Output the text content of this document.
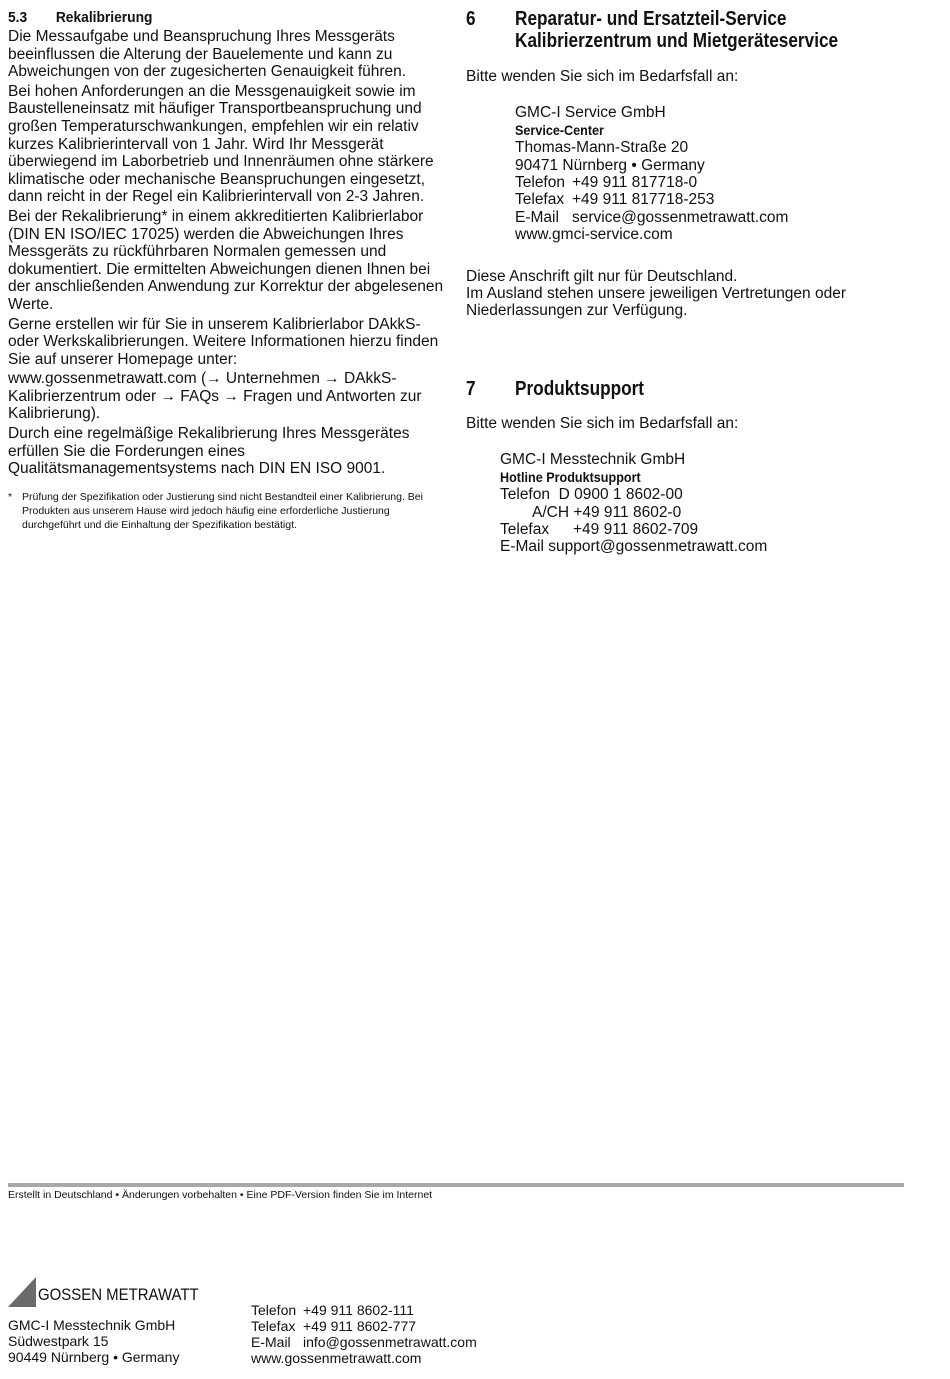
5.3	Rekalibrierung

Die Messaufgabe und Beanspruchung Ihres Messgeräts beeinflussen die Alterung der Bauelemente und kann zu Abweichungen von der zugesicherten Genauigkeit führen.

Bei hohen Anforderungen an die Messgenauigkeit sowie im Baustelleneinsatz mit häufiger Transportbeanspruchung und großen Temperaturschwankungen, empfehlen wir ein relativ kurzes Kalibrierintervall von 1 Jahr. Wird Ihr Messgerät überwiegend im Laborbetrieb und Innenräumen ohne stärkere klimatische oder mechanische Beanspruchungen eingesetzt, dann reicht in der Regel ein Kalibrierintervall von 2-3 Jahren.

Bei der Rekalibrierung* in einem akkreditierten Kalibrierlabor (DIN EN ISO/IEC 17025) werden die Abweichungen Ihres Messgeräts zu rückführbaren Normalen gemessen und dokumentiert. Die ermittelten Abweichungen dienen Ihnen bei der anschließenden Anwendung zur Korrektur der abgelesenen Werte.

Gerne erstellen wir für Sie in unserem Kalibrierlabor DAkkS- oder Werkskalibrierungen. Weitere Informationen hierzu finden Sie auf unserer Homepage unter:

www.gossenmetrawatt.com (→ Unternehmen → DAkkS-Kalibrierzentrum oder → FAQs → Fragen und Antworten zur Kalibrierung).

Durch eine regelmäßige Rekalibrierung Ihres Messgerätes erfüllen Sie die Forderungen eines Qualitätsmanagementsystems nach DIN EN ISO 9001.

* Prüfung der Spezifikation oder Justierung sind nicht Bestandteil einer Kalibrierung. Bei Produkten aus unserem Hause wird jedoch häufig eine erforderliche Justierung durchgeführt und die Einhaltung der Spezifikation bestätigt.
6	Reparatur- und Ersatzteil-Service
Kalibrierzentrum und Mietgeräteservice
Bitte wenden Sie sich im Bedarfsfall an:
GMC-I Service GmbH
Service-Center
Thomas-Mann-Straße 20
90471 Nürnberg • Germany
Telefon +49 911 817718-0
Telefax +49 911 817718-253
E-Mail service@gossenmetrawatt.com
www.gmci-service.com
Diese Anschrift gilt nur für Deutschland.
Im Ausland stehen unsere jeweiligen Vertretungen oder Niederlassungen zur Verfügung.
7	Produktsupport
Bitte wenden Sie sich im Bedarfsfall an:
GMC-I Messtechnik GmbH
Hotline Produktsupport
Telefon D 0900 1 8602-00
A/CH +49 911 8602-0
Telefax +49 911 8602-709
E-Mail support@gossenmetrawatt.com
Erstellt in Deutschland • Änderungen vorbehalten • Eine PDF-Version finden Sie im Internet
GOSSEN METRAWATT
GMC-I Messtechnik GmbH
Südwestpark 15
90449 Nürnberg • Germany
Telefon +49 911 8602-111
Telefax +49 911 8602-777
E-Mail info@gossenmetrawatt.com
www.gossenmetrawatt.com
